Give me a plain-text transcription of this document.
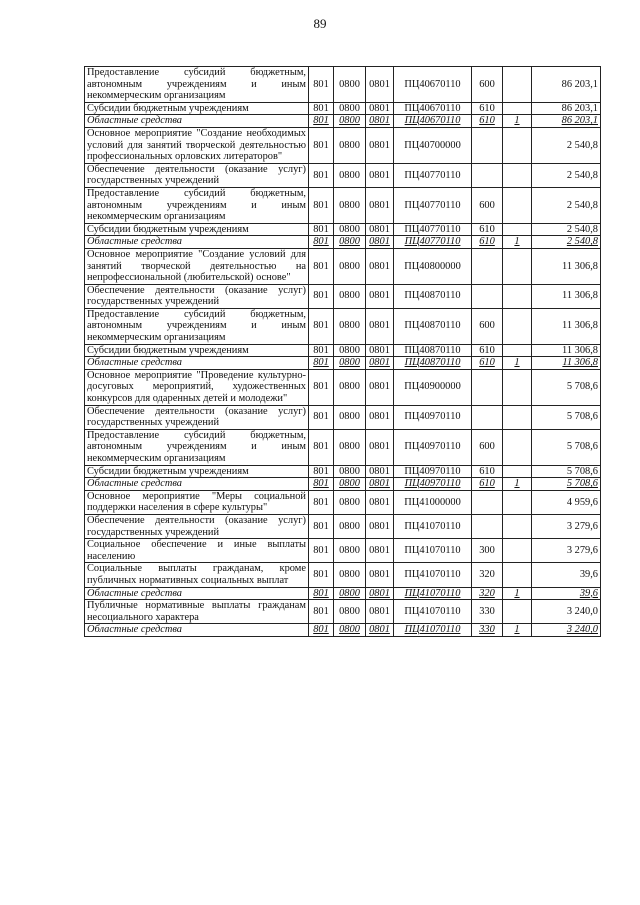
89
Предоставление субсидий бюджетным, автономным учреждениям и иным некоммерческим организациям	801	0800	0801	ПЦ40670110	600		86 203,1
Субсидии бюджетным учреждениям	801	0800	0801	ПЦ40670110	610		86 203,1
Областные средства	801	0800	0801	ПЦ40670110	610	1	86 203,1
Основное мероприятие "Создание необходимых условий для занятий творческой деятельностью профессиональных орловских литераторов"	801	0800	0801	ПЦ40700000			2 540,8
Обеспечение деятельности (оказание услуг) государственных учреждений	801	0800	0801	ПЦ40770110			2 540,8
Предоставление субсидий бюджетным, автономным учреждениям и иным некоммерческим организациям	801	0800	0801	ПЦ40770110	600		2 540,8
Субсидии бюджетным учреждениям	801	0800	0801	ПЦ40770110	610		2 540,8
Областные средства	801	0800	0801	ПЦ40770110	610	1	2 540,8
Основное мероприятие "Создание условий для занятий творческой деятельностью на непрофессиональной (любительской) основе"	801	0800	0801	ПЦ40800000			11 306,8
Обеспечение деятельности (оказание услуг) государственных учреждений	801	0800	0801	ПЦ40870110			11 306,8
Предоставление субсидий бюджетным, автономным учреждениям и иным некоммерческим организациям	801	0800	0801	ПЦ40870110	600		11 306,8
Субсидии бюджетным учреждениям	801	0800	0801	ПЦ40870110	610		11 306,8
Областные средства	801	0800	0801	ПЦ40870110	610	1	11 306,8
Основное мероприятие "Проведение культурно-досуговых мероприятий, художественных конкурсов для одаренных детей и молодежи"	801	0800	0801	ПЦ40900000			5 708,6
Обеспечение деятельности (оказание услуг) государственных учреждений	801	0800	0801	ПЦ40970110			5 708,6
Предоставление субсидий бюджетным, автономным учреждениям и иным некоммерческим организациям	801	0800	0801	ПЦ40970110	600		5 708,6
Субсидии бюджетным учреждениям	801	0800	0801	ПЦ40970110	610		5 708,6
Областные средства	801	0800	0801	ПЦ40970110	610	1	5 708,6
Основное мероприятие "Меры социальной поддержки населения в сфере культуры"	801	0800	0801	ПЦ41000000			4 959,6
Обеспечение деятельности (оказание услуг) государственных учреждений	801	0800	0801	ПЦ41070110			3 279,6
Социальное обеспечение и иные выплаты населению	801	0800	0801	ПЦ41070110	300		3 279,6
Социальные выплаты гражданам, кроме публичных нормативных социальных выплат	801	0800	0801	ПЦ41070110	320		39,6
Областные средства	801	0800	0801	ПЦ41070110	320	1	39,6
Публичные нормативные выплаты гражданам несоциального характера	801	0800	0801	ПЦ41070110	330		3 240,0
Областные средства	801	0800	0801	ПЦ41070110	330	1	3 240,0
